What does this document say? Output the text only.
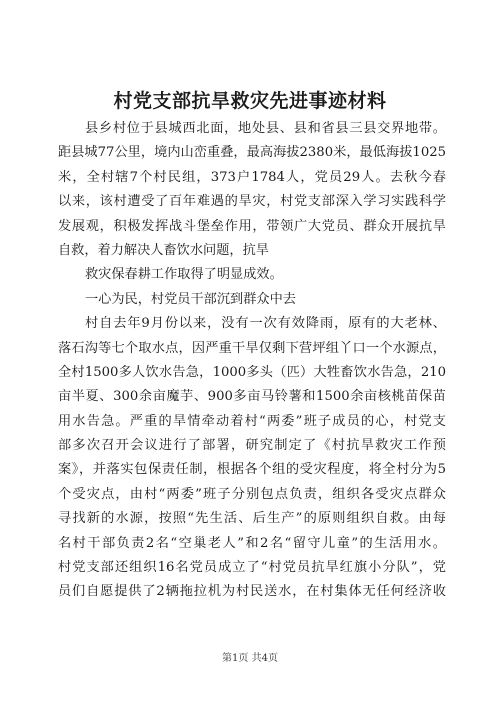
村党支部抗旱救灾先进事迹材料
县乡村位于县城西北面，地处县、县和省县三县交界地带。
距县城77公里，境内山峦重叠，最高海拔2380米，最低海拔1025
米，全村辖7个村民组，373户1784人，党员29人。去秋今春
以来，该村遭受了百年难遇的旱灾，村党支部深入学习实践科学
发展观，积极发挥战斗堡垒作用，带领广大党员、群众开展抗旱
自救，着力解决人畜饮水问题，抗旱
救灾保春耕工作取得了明显成效。
一心为民，村党员干部沉到群众中去
村自去年9月份以来，没有一次有效降雨，原有的大老林、
落石沟等七个取水点，因严重干旱仅剩下营坪组丫口一个水源点，
全村1500多人饮水告急，1000多头（匹）大牲畜饮水告急，210
亩半夏、300余亩魔芋、900多亩马铃薯和1500余亩核桃苗保苗
用水告急。严重的旱情牵动着村“两委”班子成员的心，村党支
部多次召开会议进行了部署，研究制定了《村抗旱救灾工作预
案》，并落实包保责任制，根据各个组的受灾程度，将全村分为5
个受灾点，由村“两委”班子分别包点负责，组织各受灾点群众
寻找新的水源，按照“先生活、后生产”的原则组织自救。由每
名村干部负责2名“空巢老人”和2名“留守儿童”的生活用水。
村党支部还组织16名党员成立了“村党员抗旱红旗小分队”，党
员们自愿提供了2辆拖拉机为村民送水，在村集体无任何经济收
第1页 共4页
